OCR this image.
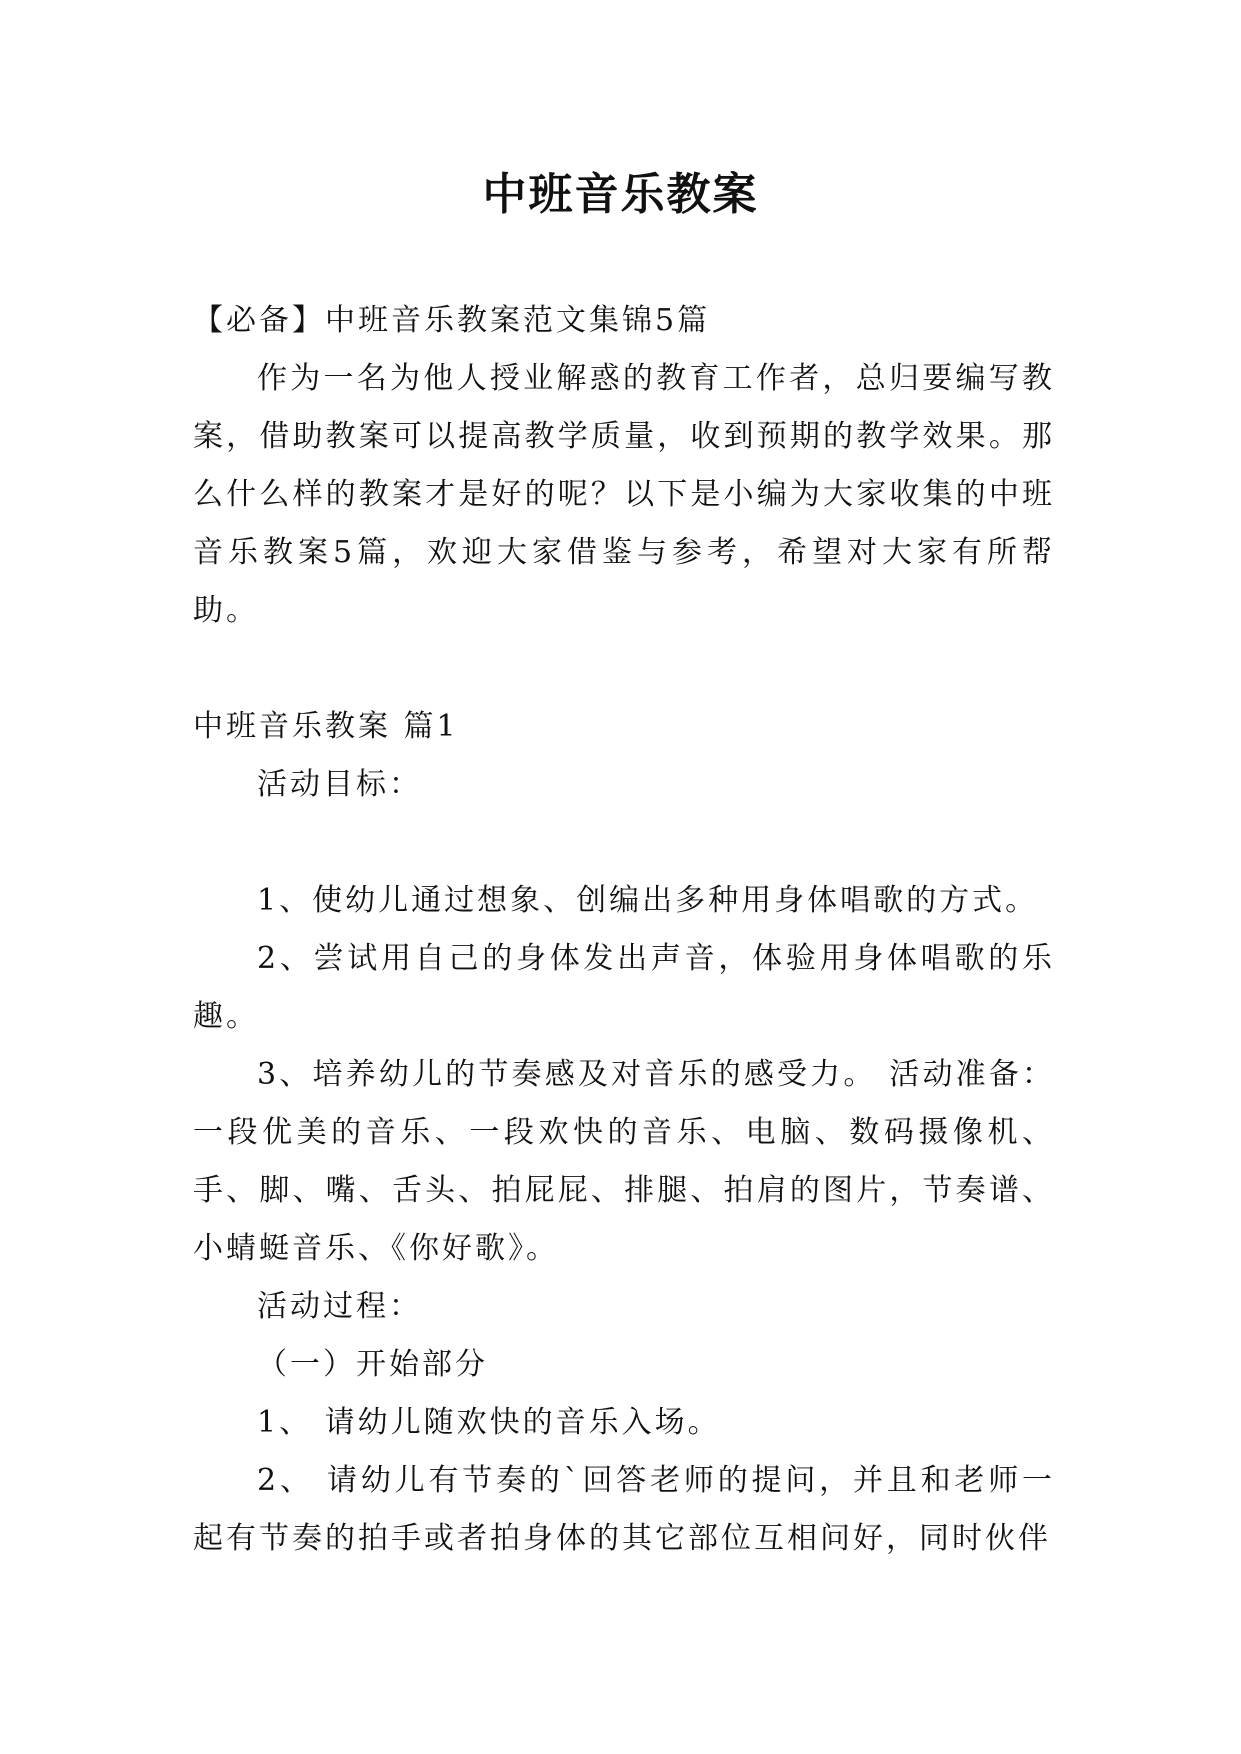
中班音乐教案

【必备】中班音乐教案范文集锦5篇

作为一名为他人授业解惑的教育工作者，总归要编写教案，借助教案可以提高教学质量，收到预期的教学效果。那么什么样的教案才是好的呢？以下是小编为大家收集的中班音乐教案5篇，欢迎大家借鉴与参考，希望对大家有所帮助。

中班音乐教案 篇1

活动目标：

1、使幼儿通过想象、创编出多种用身体唱歌的方式。

2、尝试用自己的身体发出声音，体验用身体唱歌的乐趣。

3、培养幼儿的节奏感及对音乐的感受力。 活动准备：一段优美的音乐、一段欢快的音乐、电脑、数码摄像机、手、脚、嘴、舌头、拍屁屁、排腿、拍肩的图片，节奏谱、小蜻蜓音乐、《你好歌》。

活动过程：

（一）开始部分

1、 请幼儿随欢快的音乐入场。

2、 请幼儿有节奏的`回答老师的提问，并且和老师一起有节奏的拍手或者拍身体的其它部位互相问好，同时伙伴
